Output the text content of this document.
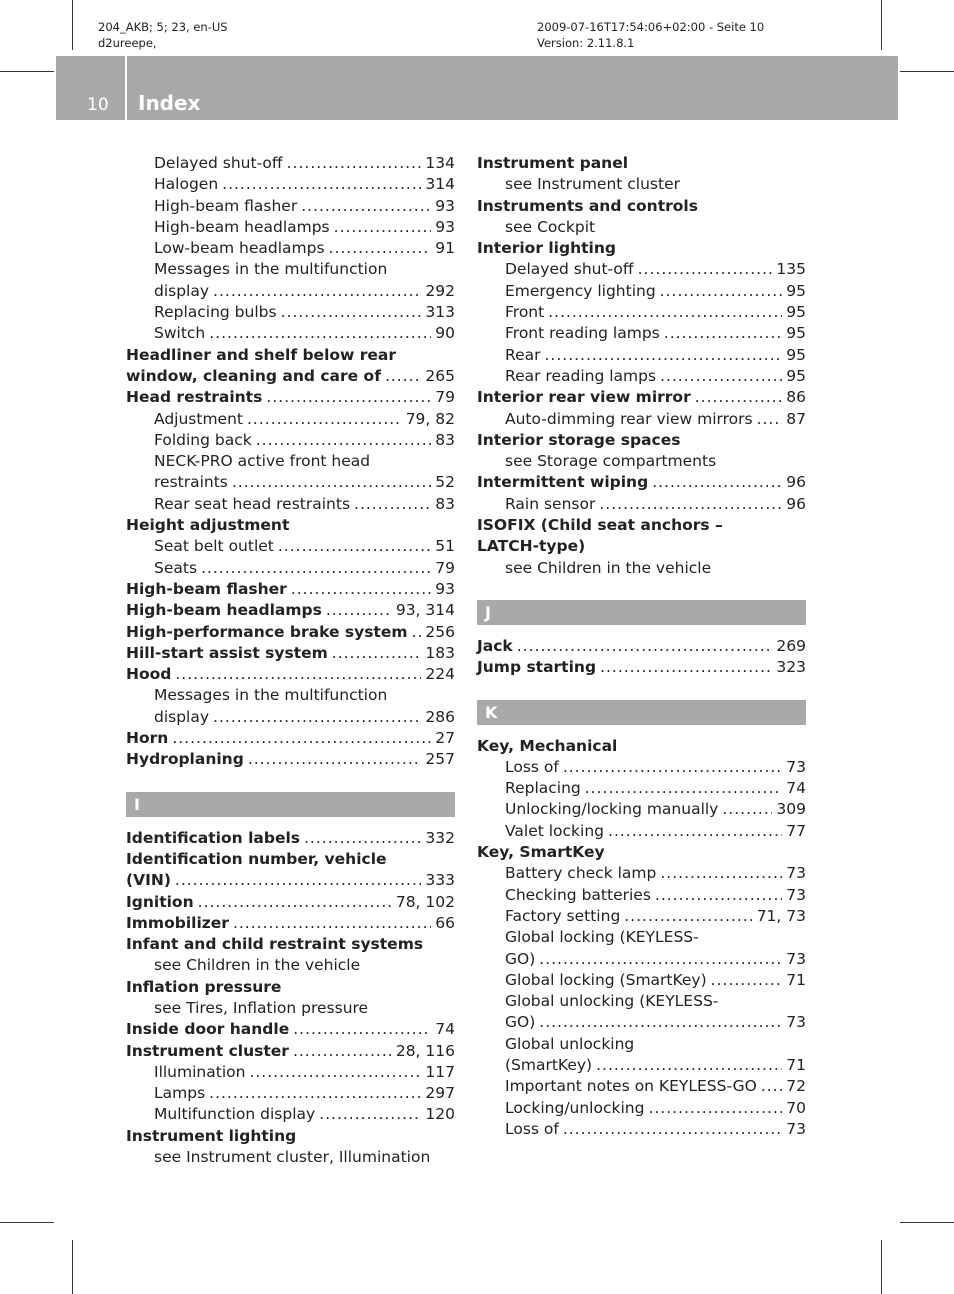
204_AKB; 5; 23, en-US
d2ureepe,
2009-07-16T17:54:06+02:00 - Seite 10
Version: 2.11.8.1
10 Index
Delayed shut-off .....	134
Halogen .....	314
High-beam flasher .....	93
High-beam headlamps .....	93
Low-beam headlamps .....	91
Messages in the multifunction
display .....	292
Replacing bulbs .....	313
Switch .....	90
Headliner and shelf below rear
window, cleaning and care of .....	265
Head restraints .....	79
Adjustment .....	79, 82
Folding back .....	83
NECK-PRO active front head
restraints .....	52
Rear seat head restraints .....	83
Height adjustment
Seat belt outlet .....	51
Seats .....	79
High-beam flasher .....	93
High-beam headlamps .....	93, 314
High-performance brake system ..... 256
Hill-start assist system .....	183
Hood .....	224
Messages in the multifunction
display .....	286
Horn .....	27
Hydroplaning .....	257
I
Identification labels .....	332
Identification number, vehicle
(VIN) .....	333
Ignition .....	78, 102
Immobilizer .....	66
Infant and child restraint systems
see Children in the vehicle
Inflation pressure
see Tires, Inflation pressure
Inside door handle .....	74
Instrument cluster .....	28, 116
Illumination .....	117
Lamps .....	297
Multifunction display .....	120
Instrument lighting
see Instrument cluster, Illumination
Instrument panel
see Instrument cluster
Instruments and controls
see Cockpit
Interior lighting
Delayed shut-off .....	135
Emergency lighting .....	95
Front .....	95
Front reading lamps .....	95
Rear .....	95
Rear reading lamps .....	95
Interior rear view mirror .....	86
Auto-dimming rear view mirrors ..... 87
Interior storage spaces
see Storage compartments
Intermittent wiping .....	96
Rain sensor .....	96
ISOFIX (Child seat anchors –
LATCH-type)
see Children in the vehicle
J
Jack .....	269
Jump starting .....	323
K
Key, Mechanical
Loss of .....	73
Replacing .....	74
Unlocking/locking manually .....	309
Valet locking .....	77
Key, SmartKey
Battery check lamp .....	73
Checking batteries .....	73
Factory setting .....	71, 73
Global locking (KEYLESS-
GO) .....	73
Global locking (SmartKey) .....	71
Global unlocking (KEYLESS-
GO) .....	73
Global unlocking
(SmartKey) .....	71
Important notes on KEYLESS-GO ..... 72
Locking/unlocking .....	70
Loss of .....	73
